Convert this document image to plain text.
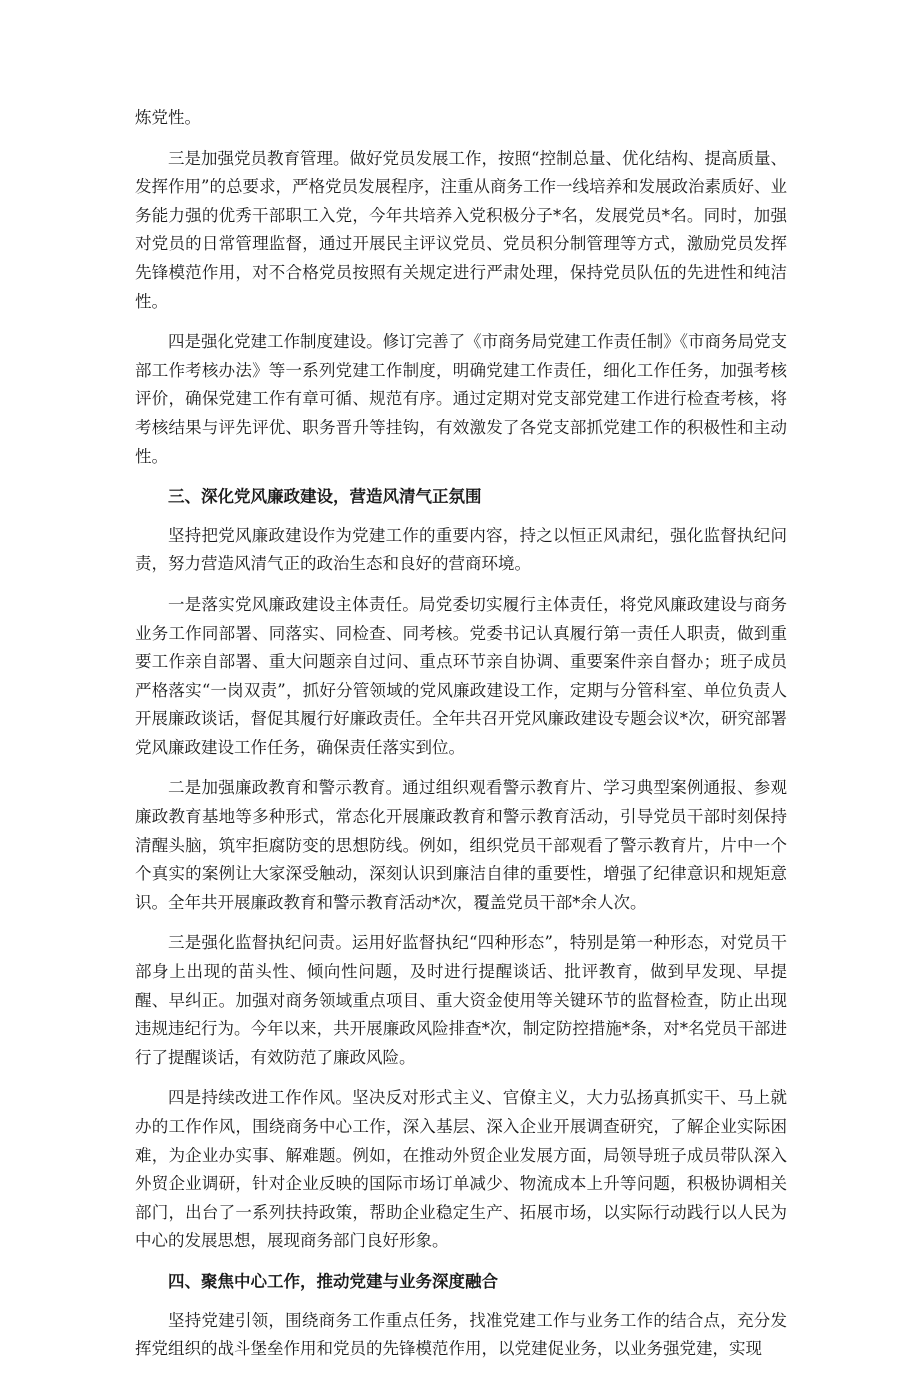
炼党性。

三是加强党员教育管理。做好党员发展工作，按照“控制总量、优化结构、提高质量、发挥作用”的总要求，严格党员发展程序，注重从商务工作一线培养和发展政治素质好、业务能力强的优秀干部职工入党，今年共培养入党积极分子*名，发展党员*名。同时，加强对党员的日常管理监督，通过开展民主评议党员、党员积分制管理等方式，激励党员发挥先锋模范作用，对不合格党员按照有关规定进行严肃处理，保持党员队伍的先进性和纯洁性。

四是强化党建工作制度建设。修订完善了《市商务局党建工作责任制》《市商务局党支部工作考核办法》等一系列党建工作制度，明确党建工作责任，细化工作任务，加强考核评价，确保党建工作有章可循、规范有序。通过定期对党支部党建工作进行检查考核，将考核结果与评先评优、职务晋升等挂钩，有效激发了各党支部抓党建工作的积极性和主动性。

三、深化党风廉政建设，营造风清气正氛围

坚持把党风廉政建设作为党建工作的重要内容，持之以恒正风肃纪，强化监督执纪问责，努力营造风清气正的政治生态和良好的营商环境。

一是落实党风廉政建设主体责任。局党委切实履行主体责任，将党风廉政建设与商务业务工作同部署、同落实、同检查、同考核。党委书记认真履行第一责任人职责，做到重要工作亲自部署、重大问题亲自过问、重点环节亲自协调、重要案件亲自督办；班子成员严格落实“一岗双责”，抓好分管领域的党风廉政建设工作，定期与分管科室、单位负责人开展廉政谈话，督促其履行好廉政责任。全年共召开党风廉政建设专题会议*次，研究部署党风廉政建设工作任务，确保责任落实到位。

二是加强廉政教育和警示教育。通过组织观看警示教育片、学习典型案例通报、参观廉政教育基地等多种形式，常态化开展廉政教育和警示教育活动，引导党员干部时刻保持清醒头脑，筑牢拒腐防变的思想防线。例如，组织党员干部观看了警示教育片，片中一个个真实的案例让大家深受触动，深刻认识到廉洁自律的重要性，增强了纪律意识和规矩意识。全年共开展廉政教育和警示教育活动*次，覆盖党员干部*余人次。

三是强化监督执纪问责。运用好监督执纪“四种形态”，特别是第一种形态，对党员干部身上出现的苗头性、倾向性问题，及时进行提醒谈话、批评教育，做到早发现、早提醒、早纠正。加强对商务领域重点项目、重大资金使用等关键环节的监督检查，防止出现违规违纪行为。今年以来，共开展廉政风险排查*次，制定防控措施*条，对*名党员干部进行了提醒谈话，有效防范了廉政风险。

四是持续改进工作作风。坚决反对形式主义、官僚主义，大力弘扬真抓实干、马上就办的工作作风，围绕商务中心工作，深入基层、深入企业开展调查研究，了解企业实际困难，为企业办实事、解难题。例如，在推动外贸企业发展方面，局领导班子成员带队深入外贸企业调研，针对企业反映的国际市场订单减少、物流成本上升等问题，积极协调相关部门，出台了一系列扶持政策，帮助企业稳定生产、拓展市场，以实际行动践行以人民为中心的发展思想，展现商务部门良好形象。

四、聚焦中心工作，推动党建与业务深度融合

坚持党建引领，围绕商务工作重点任务，找准党建工作与业务工作的结合点，充分发挥党组织的战斗堡垒作用和党员的先锋模范作用，以党建促业务，以业务强党建，实现
